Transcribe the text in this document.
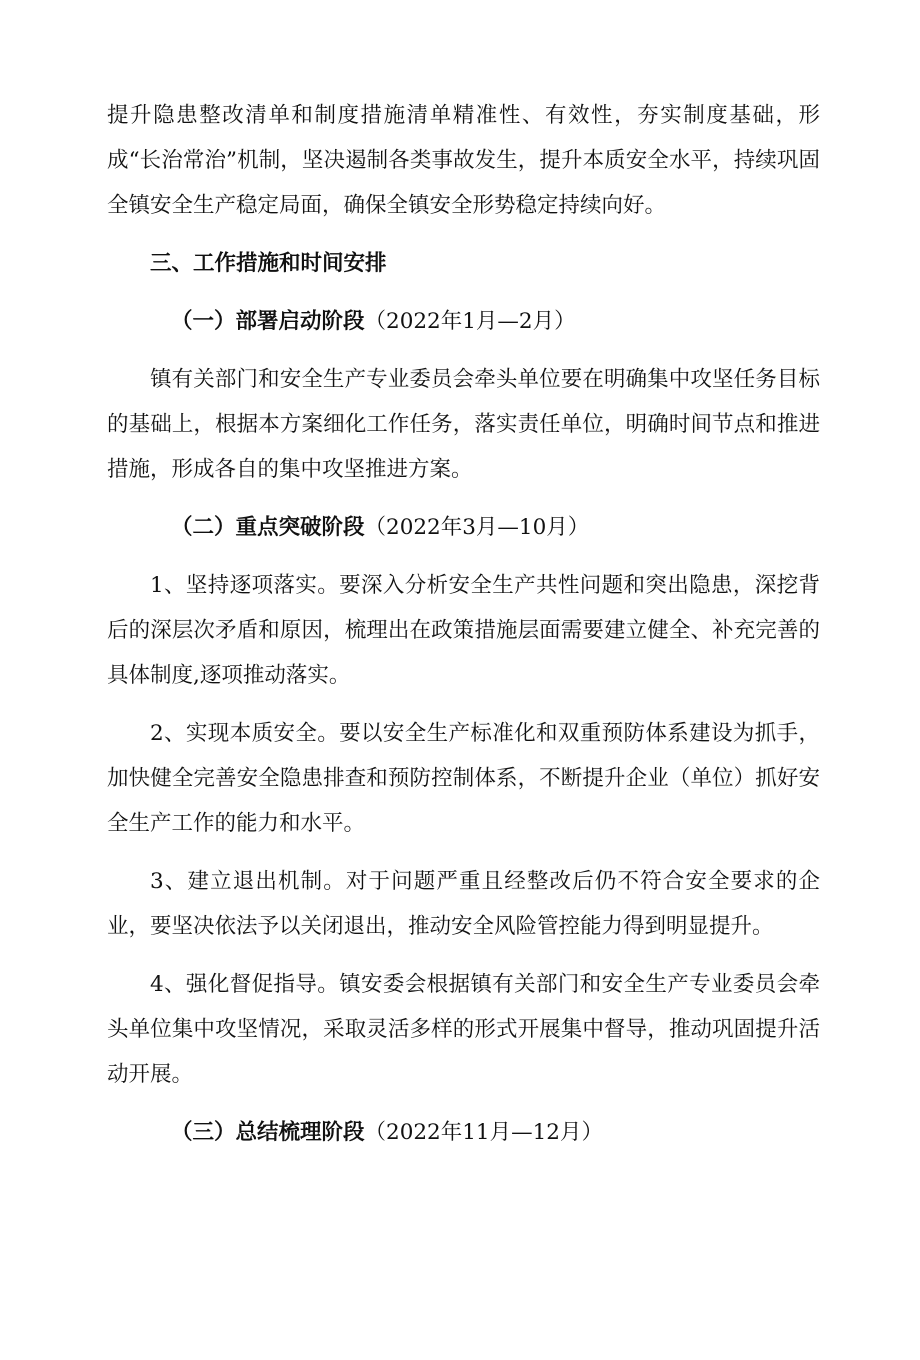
提升隐患整改清单和制度措施清单精准性、有效性，夯实制度基础，形成“长治常治”机制，坚决遏制各类事故发生，提升本质安全水平，持续巩固全镇安全生产稳定局面，确保全镇安全形势稳定持续向好。

三、工作措施和时间安排

（一）部署启动阶段（2022年1月—2月）

镇有关部门和安全生产专业委员会牵头单位要在明确集中攻坚任务目标的基础上，根据本方案细化工作任务，落实责任单位，明确时间节点和推进措施，形成各自的集中攻坚推进方案。

（二）重点突破阶段（2022年3月—10月）

1、坚持逐项落实。要深入分析安全生产共性问题和突出隐患，深挖背后的深层次矛盾和原因，梳理出在政策措施层面需要建立健全、补充完善的具体制度,逐项推动落实。

2、实现本质安全。要以安全生产标准化和双重预防体系建设为抓手，加快健全完善安全隐患排查和预防控制体系，不断提升企业（单位）抓好安全生产工作的能力和水平。

3、建立退出机制。对于问题严重且经整改后仍不符合安全要求的企业，要坚决依法予以关闭退出，推动安全风险管控能力得到明显提升。

4、强化督促指导。镇安委会根据镇有关部门和安全生产专业委员会牵头单位集中攻坚情况，采取灵活多样的形式开展集中督导，推动巩固提升活动开展。

（三）总结梳理阶段（2022年11月—12月）
